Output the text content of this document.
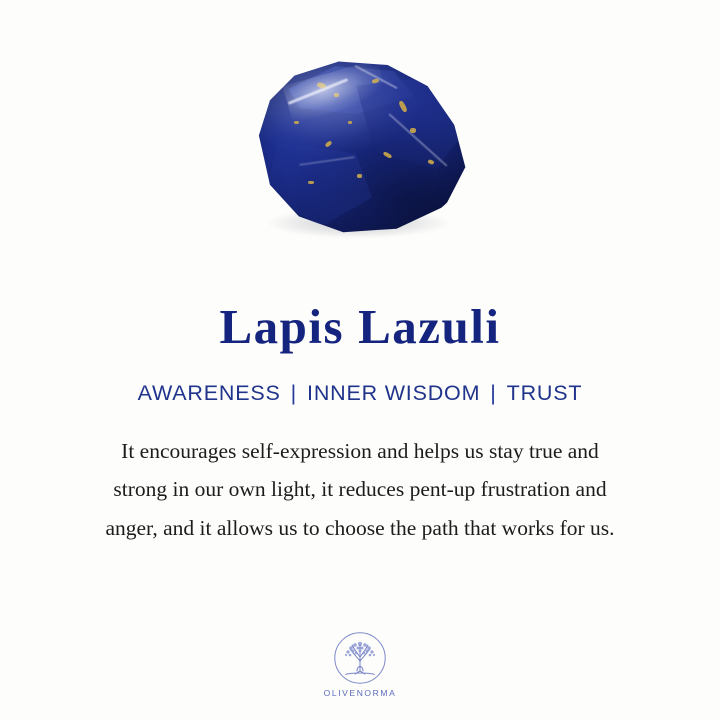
Lapis Lazuli
AWARENESS | INNER WISDOM | TRUST
It encourages self-expression and helps us stay true and
strong in our own light, it reduces pent-up frustration and
anger, and it allows us to choose the path that works for us.
OLIVENORMA
